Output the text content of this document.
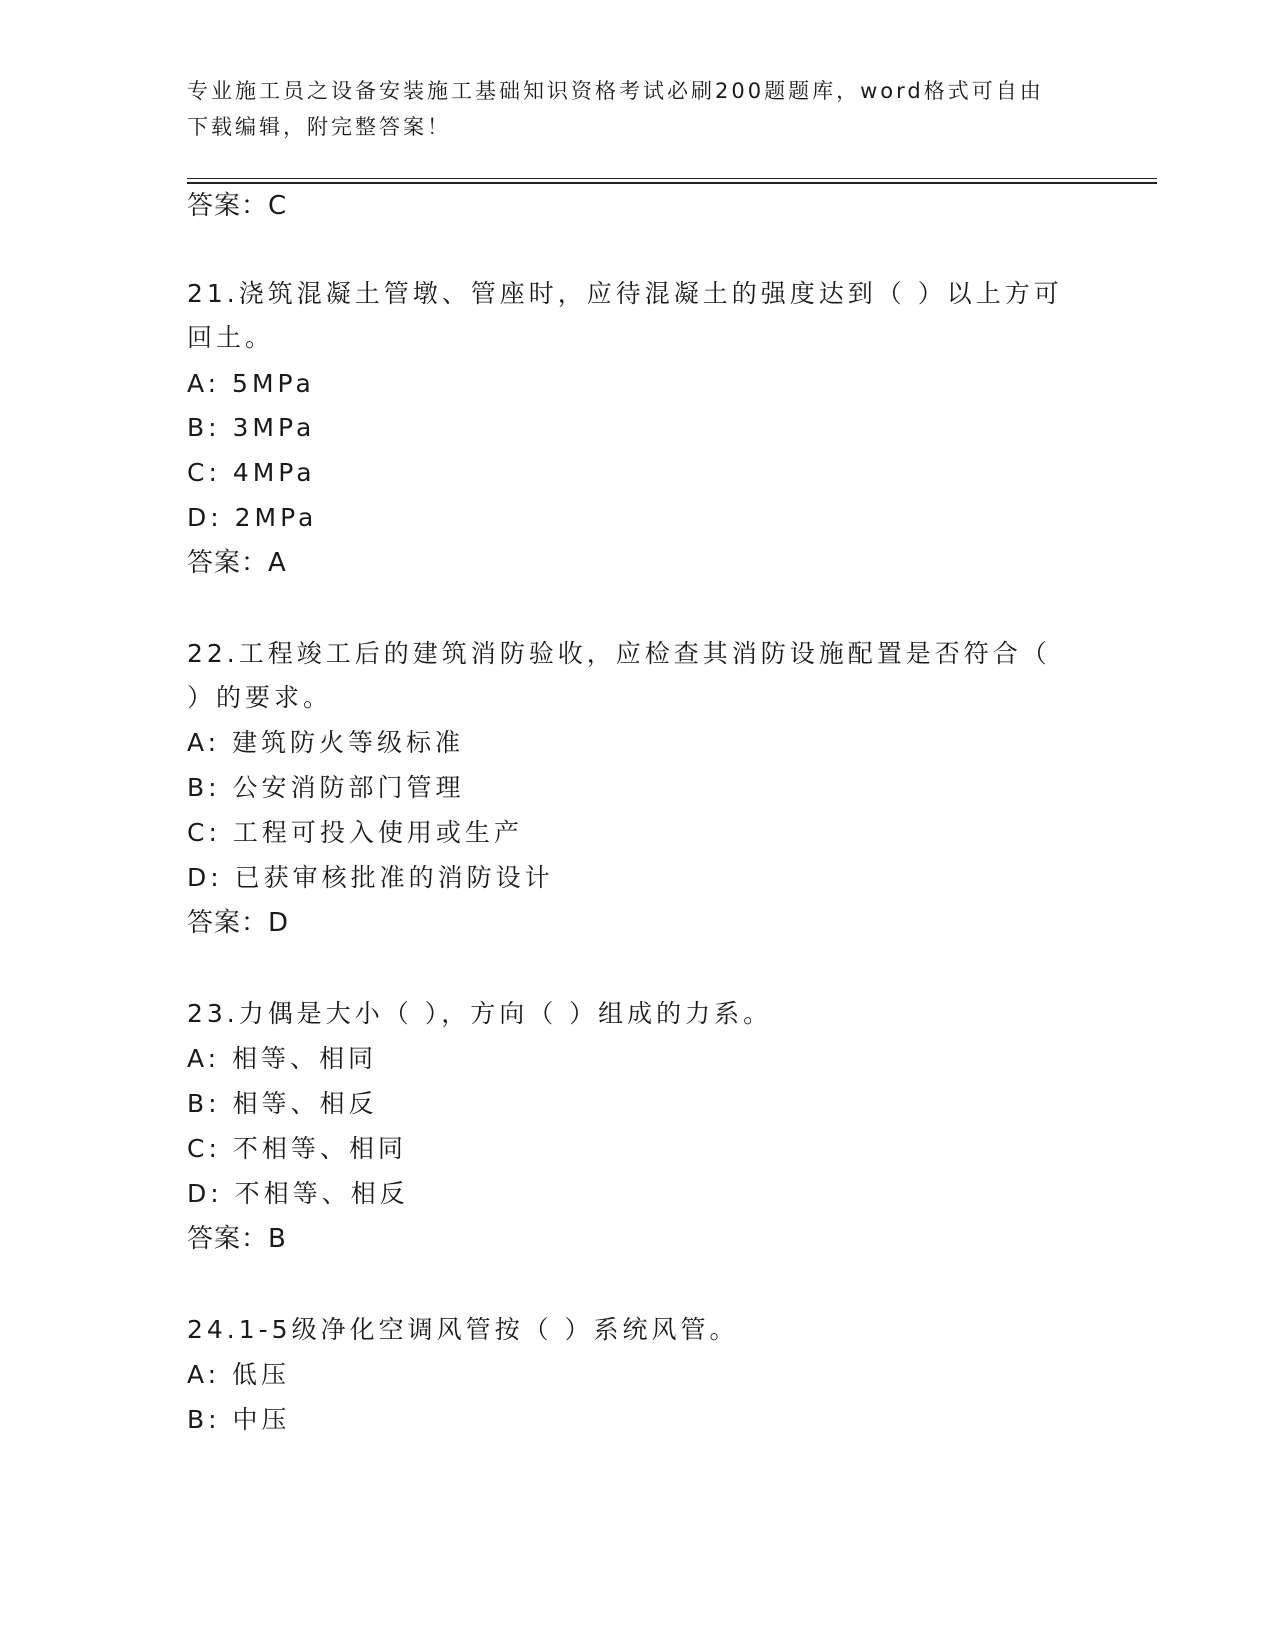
专业施工员之设备安装施工基础知识资格考试必刷200题题库，word格式可自由
下载编辑，附完整答案！
答案：C
21.浇筑混凝土管墩、管座时，应待混凝土的强度达到（ ）以上方可
回土。
A: 5MPa
B: 3MPa
C: 4MPa
D: 2MPa
答案：A
22.工程竣工后的建筑消防验收，应检查其消防设施配置是否符合（
）的要求。
A: 建筑防火等级标准
B: 公安消防部门管理
C: 工程可投入使用或生产
D: 已获审核批准的消防设计
答案：D
23.力偶是大小（ ），方向（ ）组成的力系。
A: 相等、相同
B: 相等、相反
C: 不相等、相同
D: 不相等、相反
答案：B
24.1-5级净化空调风管按（ ）系统风管。
A: 低压
B: 中压
